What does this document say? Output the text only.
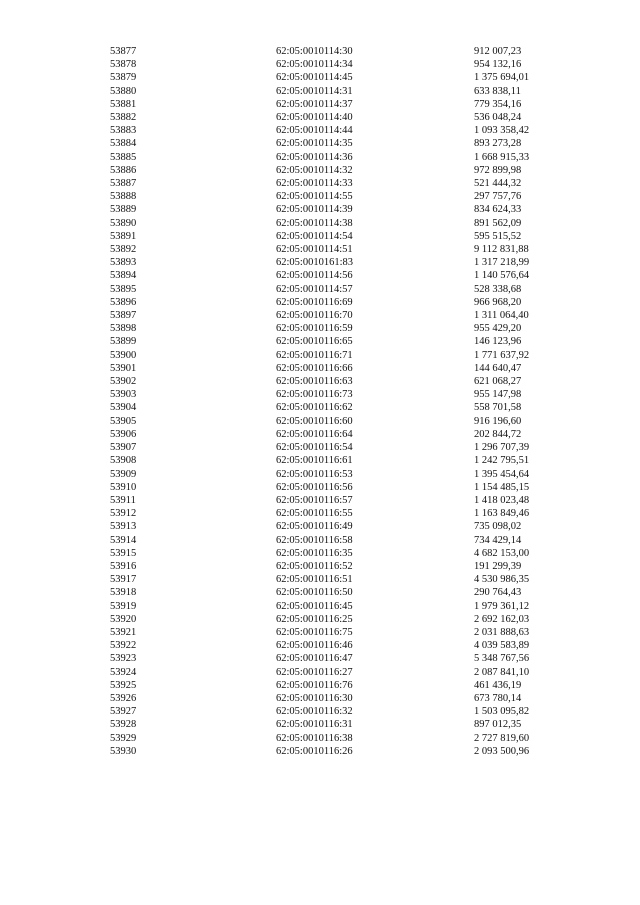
53877	62:05:0010114:30	912 007,23
53878	62:05:0010114:34	954 132,16
53879	62:05:0010114:45	1 375 694,01
53880	62:05:0010114:31	633 838,11
53881	62:05:0010114:37	779 354,16
53882	62:05:0010114:40	536 048,24
53883	62:05:0010114:44	1 093 358,42
53884	62:05:0010114:35	893 273,28
53885	62:05:0010114:36	1 668 915,33
53886	62:05:0010114:32	972 899,98
53887	62:05:0010114:33	521 444,32
53888	62:05:0010114:55	297 757,76
53889	62:05:0010114:39	834 624,33
53890	62:05:0010114:38	891 562,09
53891	62:05:0010114:54	595 515,52
53892	62:05:0010114:51	9 112 831,88
53893	62:05:0010161:83	1 317 218,99
53894	62:05:0010114:56	1 140 576,64
53895	62:05:0010114:57	528 338,68
53896	62:05:0010116:69	966 968,20
53897	62:05:0010116:70	1 311 064,40
53898	62:05:0010116:59	955 429,20
53899	62:05:0010116:65	146 123,96
53900	62:05:0010116:71	1 771 637,92
53901	62:05:0010116:66	144 640,47
53902	62:05:0010116:63	621 068,27
53903	62:05:0010116:73	955 147,98
53904	62:05:0010116:62	558 701,58
53905	62:05:0010116:60	916 196,60
53906	62:05:0010116:64	202 844,72
53907	62:05:0010116:54	1 296 707,39
53908	62:05:0010116:61	1 242 795,51
53909	62:05:0010116:53	1 395 454,64
53910	62:05:0010116:56	1 154 485,15
53911	62:05:0010116:57	1 418 023,48
53912	62:05:0010116:55	1 163 849,46
53913	62:05:0010116:49	735 098,02
53914	62:05:0010116:58	734 429,14
53915	62:05:0010116:35	4 682 153,00
53916	62:05:0010116:52	191 299,39
53917	62:05:0010116:51	4 530 986,35
53918	62:05:0010116:50	290 764,43
53919	62:05:0010116:45	1 979 361,12
53920	62:05:0010116:25	2 692 162,03
53921	62:05:0010116:75	2 031 888,63
53922	62:05:0010116:46	4 039 583,89
53923	62:05:0010116:47	5 348 767,56
53924	62:05:0010116:27	2 087 841,10
53925	62:05:0010116:76	461 436,19
53926	62:05:0010116:30	673 780,14
53927	62:05:0010116:32	1 503 095,82
53928	62:05:0010116:31	897 012,35
53929	62:05:0010116:38	2 727 819,60
53930	62:05:0010116:26	2 093 500,96
